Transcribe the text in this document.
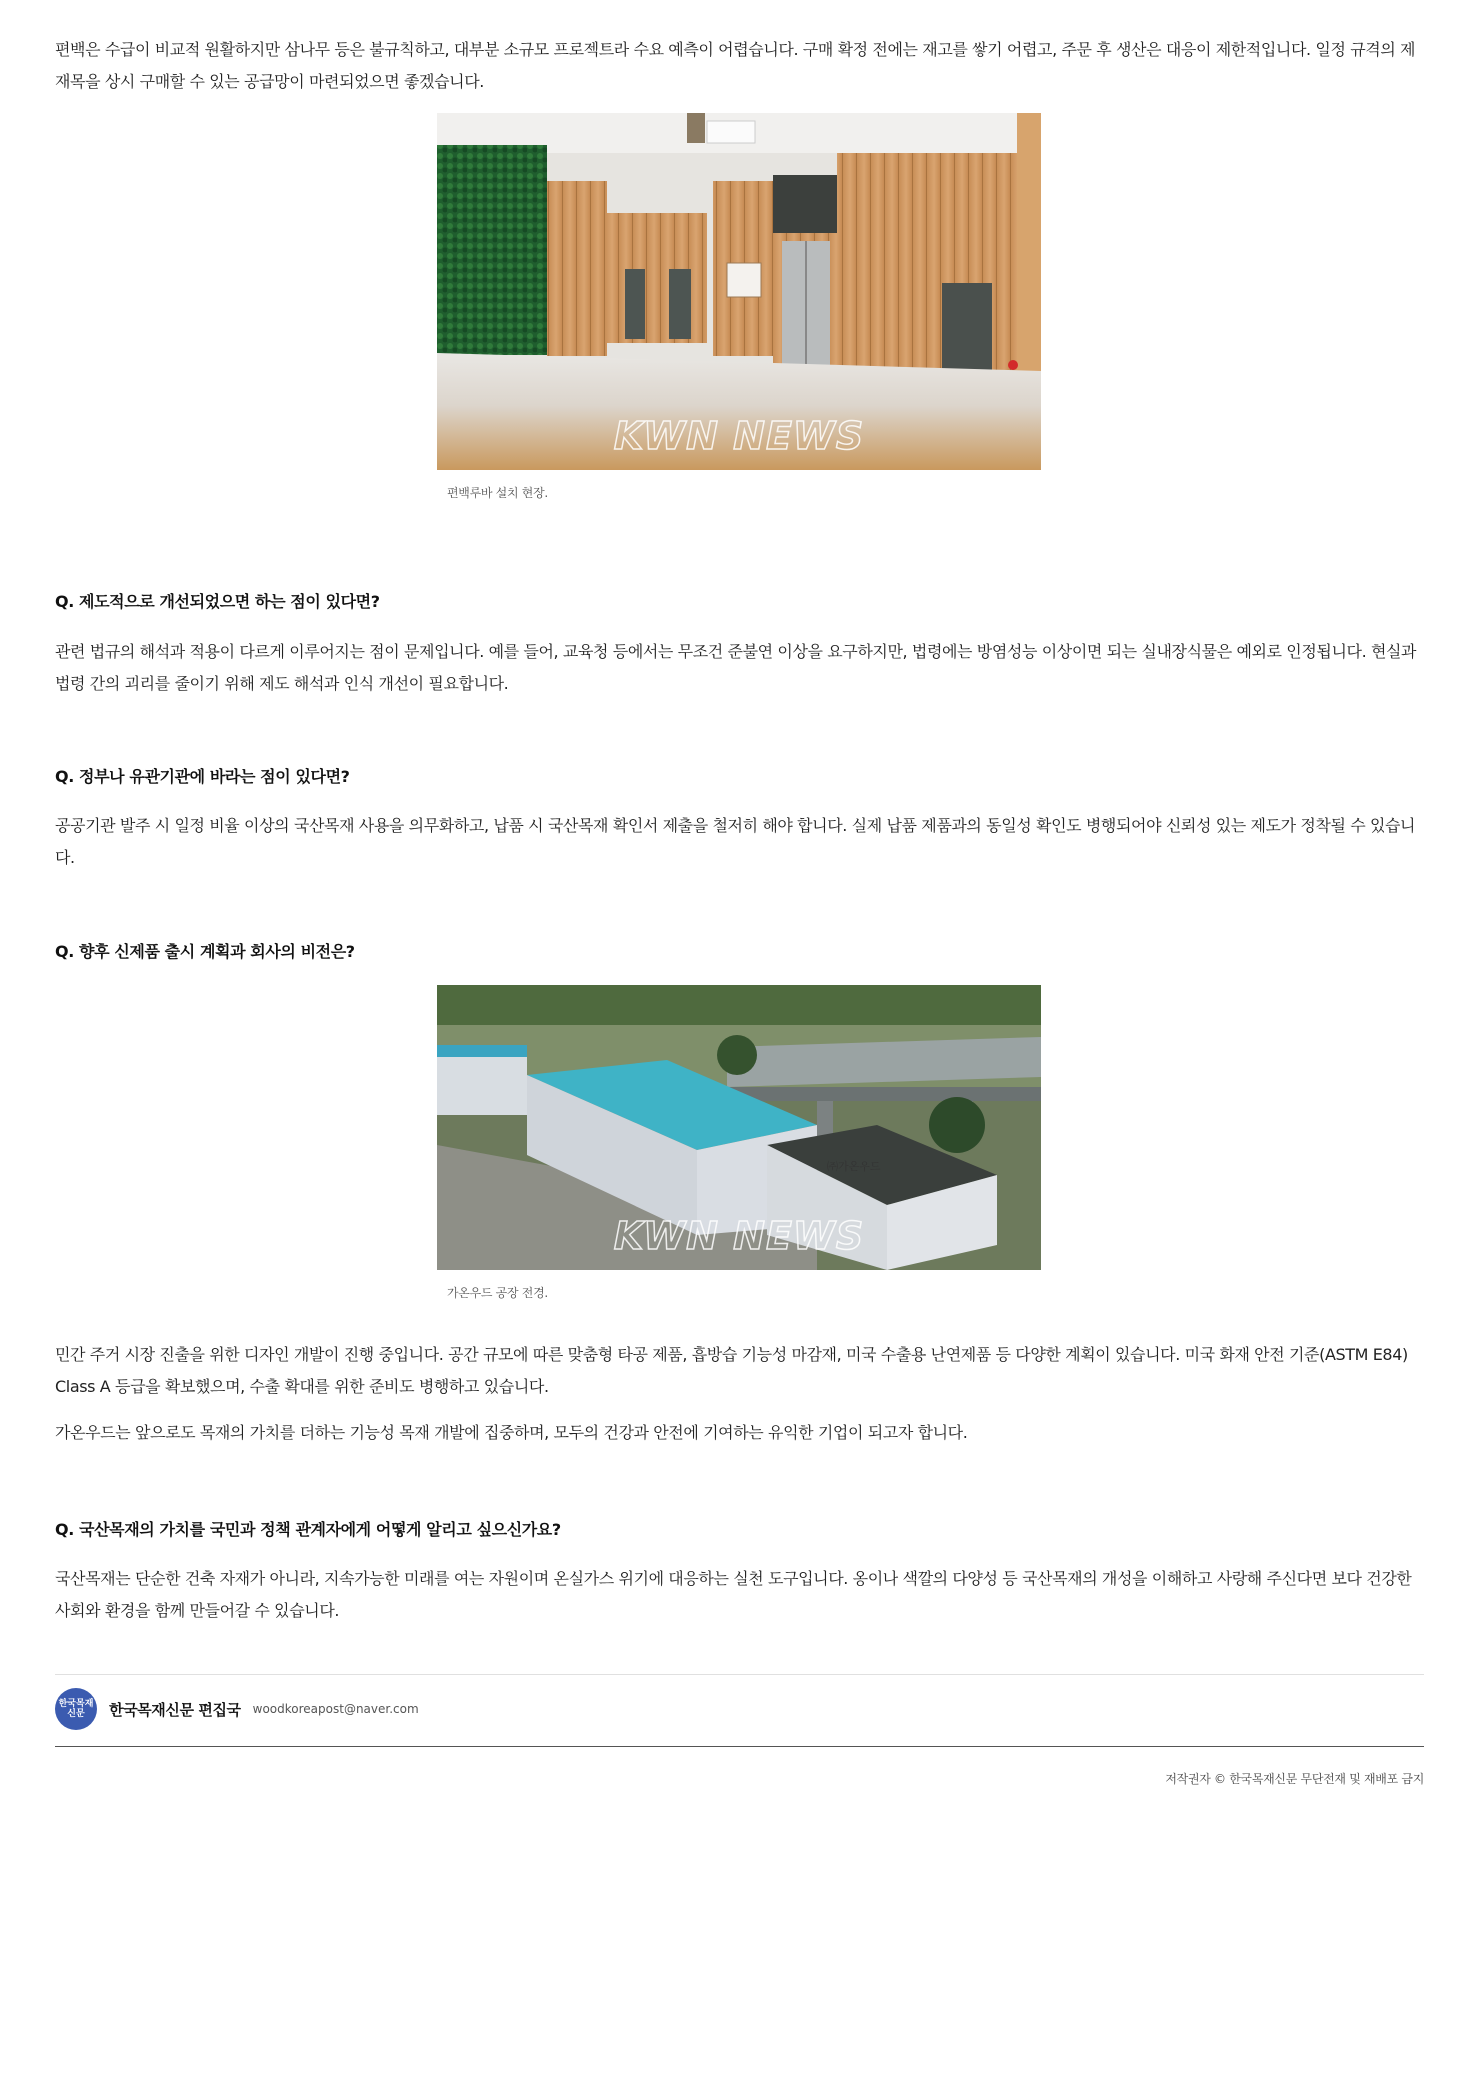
편백은 수급이 비교적 원활하지만 삼나무 등은 불규칙하고, 대부분 소규모 프로젝트라 수요 예측이 어렵습니다. 구매 확정 전에는 재고를 쌓기 어렵고, 주문 후 생산은 대응이 제한적입니다. 일정 규격의 제재목을 상시 구매할 수 있는 공급망이 마련되었으면 좋겠습니다.

KWN NEWS
편백루바 설치 현장.

Q. 제도적으로 개선되었으면 하는 점이 있다면?

관련 법규의 해석과 적용이 다르게 이루어지는 점이 문제입니다. 예를 들어, 교육청 등에서는 무조건 준불연 이상을 요구하지만, 법령에는 방염성능 이상이면 되는 실내장식물은 예외로 인정됩니다. 현실과 법령 간의 괴리를 줄이기 위해 제도 해석과 인식 개선이 필요합니다.

Q. 정부나 유관기관에 바라는 점이 있다면?

공공기관 발주 시 일정 비율 이상의 국산목재 사용을 의무화하고, 납품 시 국산목재 확인서 제출을 철저히 해야 합니다. 실제 납품 제품과의 동일성 확인도 병행되어야 신뢰성 있는 제도가 정착될 수 있습니다.

Q. 향후 신제품 출시 계획과 회사의 비전은?

㈜가온우드
KWN NEWS
가온우드 공장 전경.

민간 주거 시장 진출을 위한 디자인 개발이 진행 중입니다. 공간 규모에 따른 맞춤형 타공 제품, 흡방습 기능성 마감재, 미국 수출용 난연제품 등 다양한 계획이 있습니다. 미국 화재 안전 기준(ASTM E84) Class A 등급을 확보했으며, 수출 확대를 위한 준비도 병행하고 있습니다.

가온우드는 앞으로도 목재의 가치를 더하는 기능성 목재 개발에 집중하며, 모두의 건강과 안전에 기여하는 유익한 기업이 되고자 합니다.

Q. 국산목재의 가치를 국민과 정책 관계자에게 어떻게 알리고 싶으신가요?

국산목재는 단순한 건축 자재가 아니라, 지속가능한 미래를 여는 자원이며 온실가스 위기에 대응하는 실천 도구입니다. 옹이나 색깔의 다양성 등 국산목재의 개성을 이해하고 사랑해 주신다면 보다 건강한 사회와 환경을 함께 만들어갈 수 있습니다.

한국목재신문	한국목재신문 편집국 woodkoreapost@naver.com
저작권자 © 한국목재신문 무단전재 및 재배포 금지
